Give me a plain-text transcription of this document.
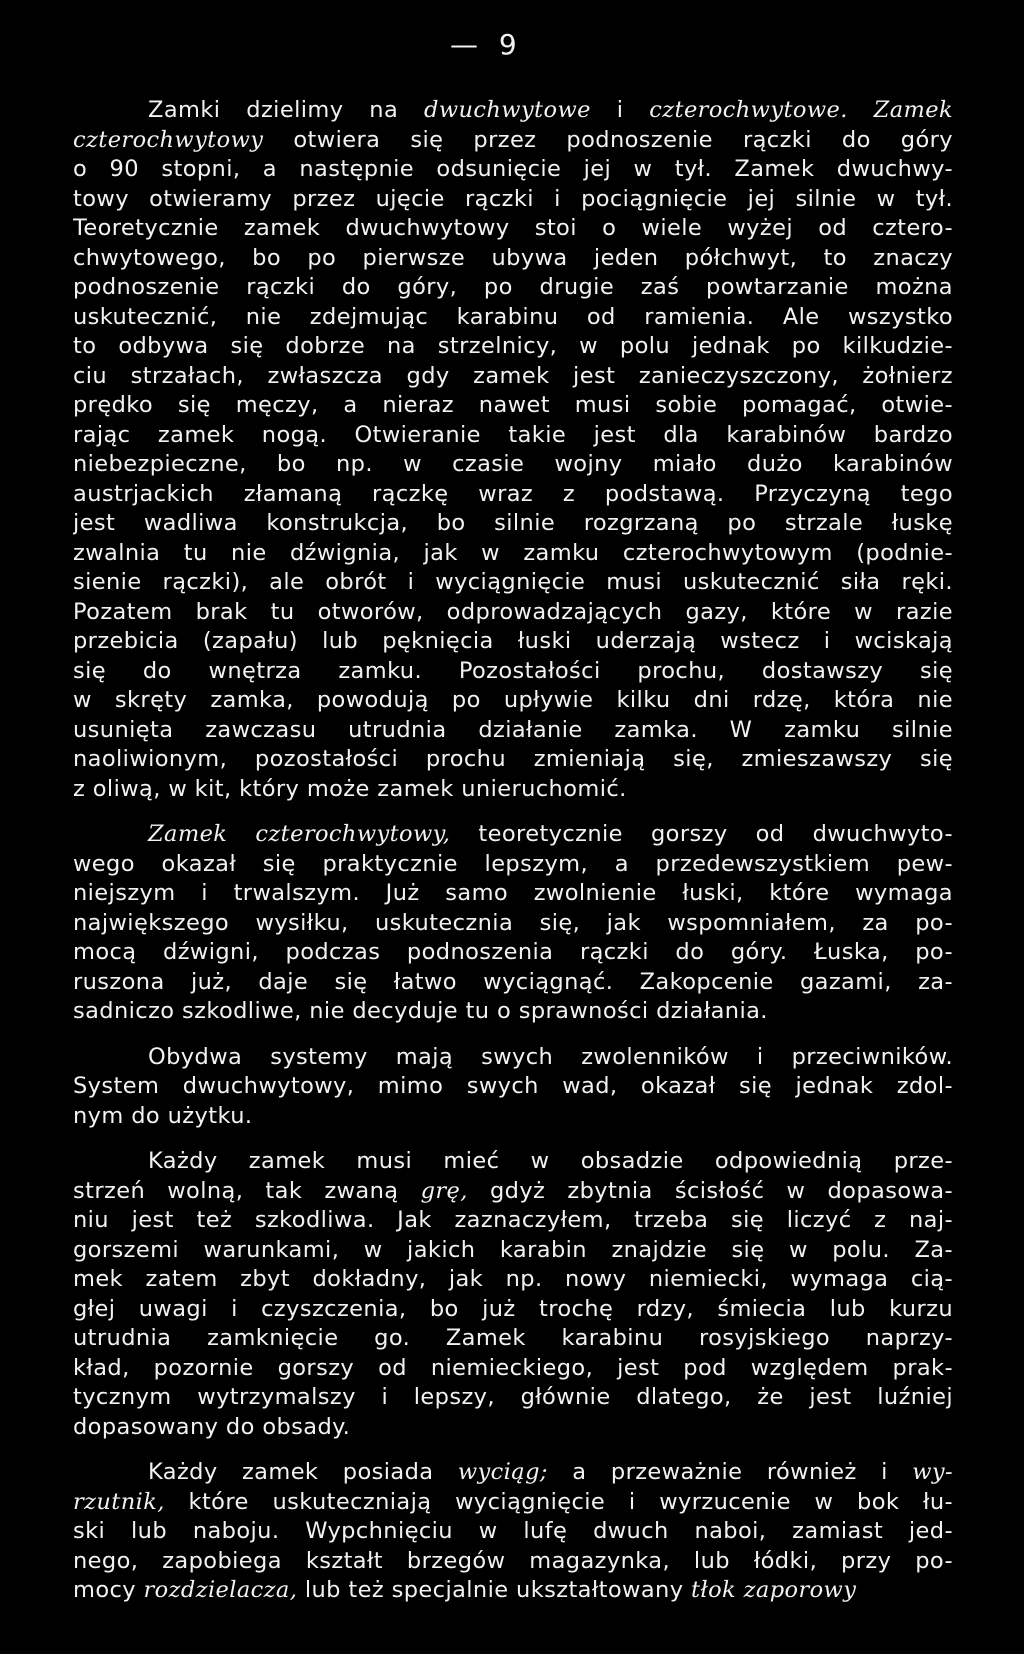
— 9
Zamki dzielimy na dwuchwytowe i czterochwytowe. Zamek
czterochwytowy otwiera się przez podnoszenie rączki do góry
o 90 stopni, a następnie odsunięcie jej w tył. Zamek dwuchwy-
towy otwieramy przez ujęcie rączki i pociągnięcie jej silnie w tył.
Teoretycznie zamek dwuchwytowy stoi o wiele wyżej od cztero-
chwytowego, bo po pierwsze ubywa jeden półchwyt, to znaczy
podnoszenie rączki do góry, po drugie zaś powtarzanie można
uskutecznić, nie zdejmując karabinu od ramienia. Ale wszystko
to odbywa się dobrze na strzelnicy, w polu jednak po kilkudzie-
ciu strzałach, zwłaszcza gdy zamek jest zanieczyszczony, żołnierz
prędko się męczy, a nieraz nawet musi sobie pomagać, otwie-
rając zamek nogą. Otwieranie takie jest dla karabinów bardzo
niebezpieczne, bo np. w czasie wojny miało dużo karabinów
austrjackich złamaną rączkę wraz z podstawą. Przyczyną tego
jest wadliwa konstrukcja, bo silnie rozgrzaną po strzale łuskę
zwalnia tu nie dźwignia, jak w zamku czterochwytowym (podnie-
sienie rączki), ale obrót i wyciągnięcie musi uskutecznić siła ręki.
Pozatem brak tu otworów, odprowadzających gazy, które w razie
przebicia (zapału) lub pęknięcia łuski uderzają wstecz i wciskają
się do wnętrza zamku. Pozostałości prochu, dostawszy się
w skręty zamka, powodują po upływie kilku dni rdzę, która nie
usunięta zawczasu utrudnia działanie zamka. W zamku silnie
naoliwionym, pozostałości prochu zmieniają się, zmieszawszy się
z oliwą, w kit, który może zamek unieruchomić.
Zamek czterochwytowy, teoretycznie gorszy od dwuchwyto-
wego okazał się praktycznie lepszym, a przedewszystkiem pew-
niejszym i trwalszym. Już samo zwolnienie łuski, które wymaga
największego wysiłku, uskutecznia się, jak wspomniałem, za po-
mocą dźwigni, podczas podnoszenia rączki do góry. Łuska, po-
ruszona już, daje się łatwo wyciągnąć. Zakopcenie gazami, za-
sadniczo szkodliwe, nie decyduje tu o sprawności działania.
Obydwa systemy mają swych zwolenników i przeciwników.
System dwuchwytowy, mimo swych wad, okazał się jednak zdol-
nym do użytku.
Każdy zamek musi mieć w obsadzie odpowiednią prze-
strzeń wolną, tak zwaną grę, gdyż zbytnia ścisłość w dopasowa-
niu jest też szkodliwa. Jak zaznaczyłem, trzeba się liczyć z naj-
gorszemi warunkami, w jakich karabin znajdzie się w polu. Za-
mek zatem zbyt dokładny, jak np. nowy niemiecki, wymaga cią-
głej uwagi i czyszczenia, bo już trochę rdzy, śmiecia lub kurzu
utrudnia zamknięcie go. Zamek karabinu rosyjskiego naprzy-
kład, pozornie gorszy od niemieckiego, jest pod względem prak-
tycznym wytrzymalszy i lepszy, głównie dlatego, że jest luźniej
dopasowany do obsady.
Każdy zamek posiada wyciąg; a przeważnie również i wy-
rzutnik, które uskuteczniają wyciągnięcie i wyrzucenie w bok łu-
ski lub naboju. Wypchnięciu w lufę dwuch naboi, zamiast jed-
nego, zapobiega kształt brzegów magazynka, lub łódki, przy po-
mocy rozdzielacza, lub też specjalnie ukształtowany tłok zaporowy
